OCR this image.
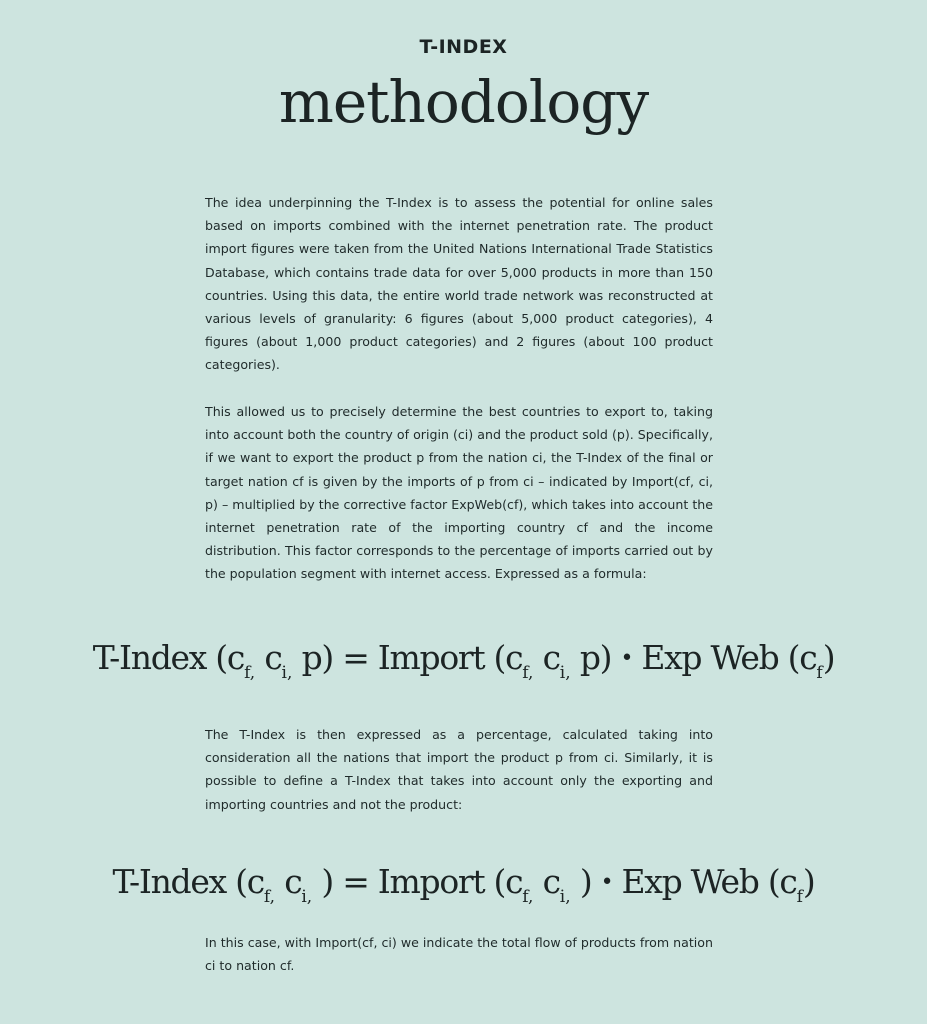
T-INDEX
methodology
The idea underpinning the T-Index is to assess the potential for online sales based on imports combined with the internet penetration rate. The product import figures were taken from the United Nations International Trade Statistics Database, which contains trade data for over 5,000 products in more than 150 countries. Using this data, the entire world trade network was reconstructed at various levels of granularity: 6 figures (about 5,000 product categories), 4 figures (about 1,000 product categories) and 2 figures (about 100 product categories).
This allowed us to precisely determine the best countries to export to, taking into account both the country of origin (ci) and the product sold (p). Specifically, if we want to export the product p from the nation ci, the T-Index of the final or target nation cf is given by the imports of p from ci – indicated by Import(cf, ci, p) – multiplied by the corrective factor ExpWeb(cf), which takes into account the internet penetration rate of the importing country cf and the income distribution. This factor corresponds to the percentage of imports carried out by the population segment with internet access. Expressed as a formula:
T-Index ($c_{f,}$ $c_{i,}$ p) = Import ($c_{f,}$ $c_{i,}$ p) • Exp Web $(c_f)$
The T-Index is then expressed as a percentage, calculated taking into consideration all the nations that import the product p from ci. Similarly, it is possible to define a T-Index that takes into account only the exporting and importing countries and not the product:
T-Index ($c_{f,}$ $c_{i,}$ ) = Import ($c_{f,}$ $c_{i,}$ ) • Exp Web $(c_f)$
In this case, with Import(cf, ci) we indicate the total flow of products from nation ci to nation cf.
